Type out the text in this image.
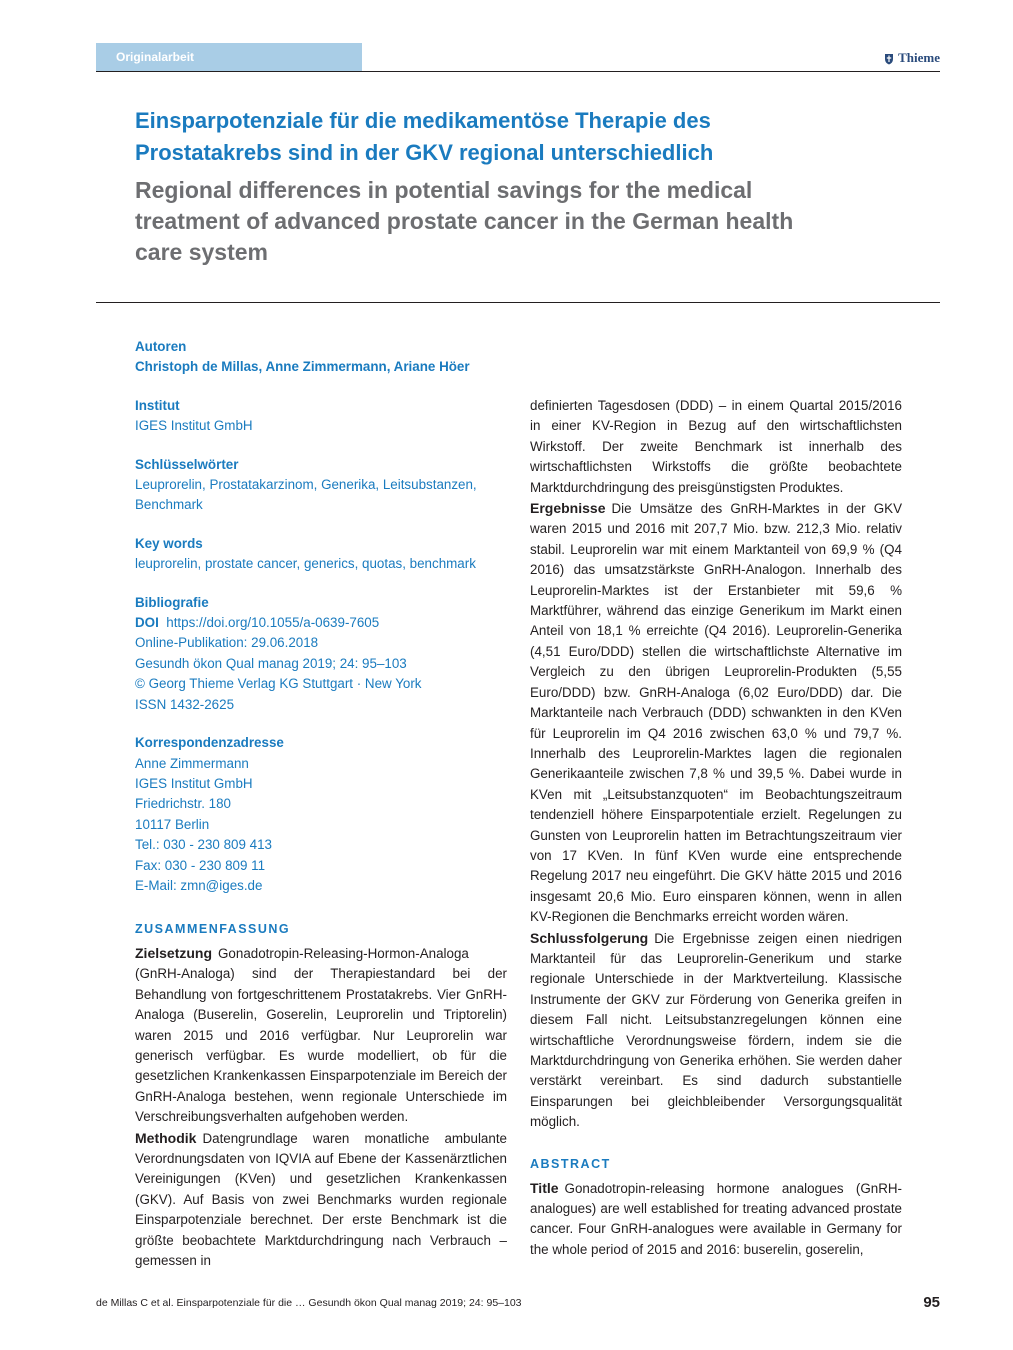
Originalarbeit	Thieme
Einsparpotenziale für die medikamentöse Therapie des Prostatakrebs sind in der GKV regional unterschiedlich
Regional differences in potential savings for the medical treatment of advanced prostate cancer in the German health care system
Autoren
Christoph de Millas, Anne Zimmermann, Ariane Höer
Institut
IGES Institut GmbH
Schlüsselwörter
Leuprorelin, Prostatakarzinom, Generika, Leitsubstanzen, Benchmark
Key words
leuprorelin, prostate cancer, generics, quotas, benchmark
Bibliografie
DOI https://doi.org/10.1055/a-0639-7605
Online-Publikation: 29.06.2018
Gesundh ökon Qual manag 2019; 24: 95–103
© Georg Thieme Verlag KG Stuttgart · New York
ISSN 1432-2625
Korrespondenzadresse
Anne Zimmermann
IGES Institut GmbH
Friedrichstr. 180
10117 Berlin
Tel.: 030 - 230 809 413
Fax: 030 - 230 809 11
E-Mail: zmn@iges.de
ZUSAMMENFASSUNG

Zielsetzung Gonadotropin-Releasing-Hormon-Analoga (GnRH-Analoga) sind der Therapiestandard bei der Behandlung von fortgeschrittenem Prostatakrebs. Vier GnRH-Analoga (Buserelin, Goserelin, Leuprorelin und Triptorelin) waren 2015 und 2016 verfügbar. Nur Leuprorelin war generisch verfügbar. Es wurde modelliert, ob für die gesetzlichen Krankenkassen Einsparpotenziale im Bereich der GnRH-Analoga bestehen, wenn regionale Unterschiede im Verschreibungsverhalten aufgehoben werden.

Methodik Datengrundlage waren monatliche ambulante Verordnungsdaten von IQVIA auf Ebene der Kassenärztlichen Vereinigungen (KVen) und gesetzlichen Krankenkassen (GKV). Auf Basis von zwei Benchmarks wurden regionale Einsparpotenziale berechnet. Der erste Benchmark ist die größte beobachtete Marktdurchdringung nach Verbrauch – gemessen in

definierten Tagesdosen (DDD) – in einem Quartal 2015/2016 in einer KV-Region in Bezug auf den wirtschaftlichsten Wirkstoff. Der zweite Benchmark ist innerhalb des wirtschaftlichsten Wirkstoffs die größte beobachtete Marktdurchdringung des preisgünstigsten Produktes.

Ergebnisse Die Umsätze des GnRH-Marktes in der GKV waren 2015 und 2016 mit 207,7 Mio. bzw. 212,3 Mio. relativ stabil. Leuprorelin war mit einem Marktanteil von 69,9 % (Q4 2016) das umsatzstärkste GnRH-Analogon. Innerhalb des Leuprorelin-Marktes ist der Erstanbieter mit 59,6 % Marktführer, während das einzige Generikum im Markt einen Anteil von 18,1 % erreichte (Q4 2016). Leuprorelin-Generika (4,51 Euro/DDD) stellen die wirtschaftlichste Alternative im Vergleich zu den übrigen Leuprorelin-Produkten (5,55 Euro/DDD) bzw. GnRH-Analoga (6,02 Euro/DDD) dar. Die Marktanteile nach Verbrauch (DDD) schwankten in den KVen für Leuprorelin im Q4 2016 zwischen 63,0 % und 79,7 %. Innerhalb des Leuprorelin-Marktes lagen die regionalen Generikaanteile zwischen 7,8 % und 39,5 %. Dabei wurde in KVen mit „Leitsubstanzquoten“ im Beobachtungszeitraum tendenziell höhere Einsparpotentiale erzielt. Regelungen zu Gunsten von Leuprorelin hatten im Betrachtungszeitraum vier von 17 KVen. In fünf KVen wurde eine entsprechende Regelung 2017 neu eingeführt. Die GKV hätte 2015 und 2016 insgesamt 20,6 Mio. Euro einsparen können, wenn in allen KV-Regionen die Benchmarks erreicht worden wären.

Schlussfolgerung Die Ergebnisse zeigen einen niedrigen Marktanteil für das Leuprorelin-Generikum und starke regionale Unterschiede in der Marktverteilung. Klassische Instrumente der GKV zur Förderung von Generika greifen in diesem Fall nicht. Leitsubstanzregelungen können eine wirtschaftliche Verordnungsweise fördern, indem sie die Marktdurchdringung von Generika erhöhen. Sie werden daher verstärkt vereinbart. Es sind dadurch substantielle Einsparungen bei gleichbleibender Versorgungsqualität möglich.

ABSTRACT

Title Gonadotropin-releasing hormone analogues (GnRH-analogues) are well established for treating advanced prostate cancer. Four GnRH-analogues were available in Germany for the whole period of 2015 and 2016: buserelin, goserelin,

de Millas C et al. Einsparpotenziale für die … Gesundh ökon Qual manag 2019; 24: 95–103	95
